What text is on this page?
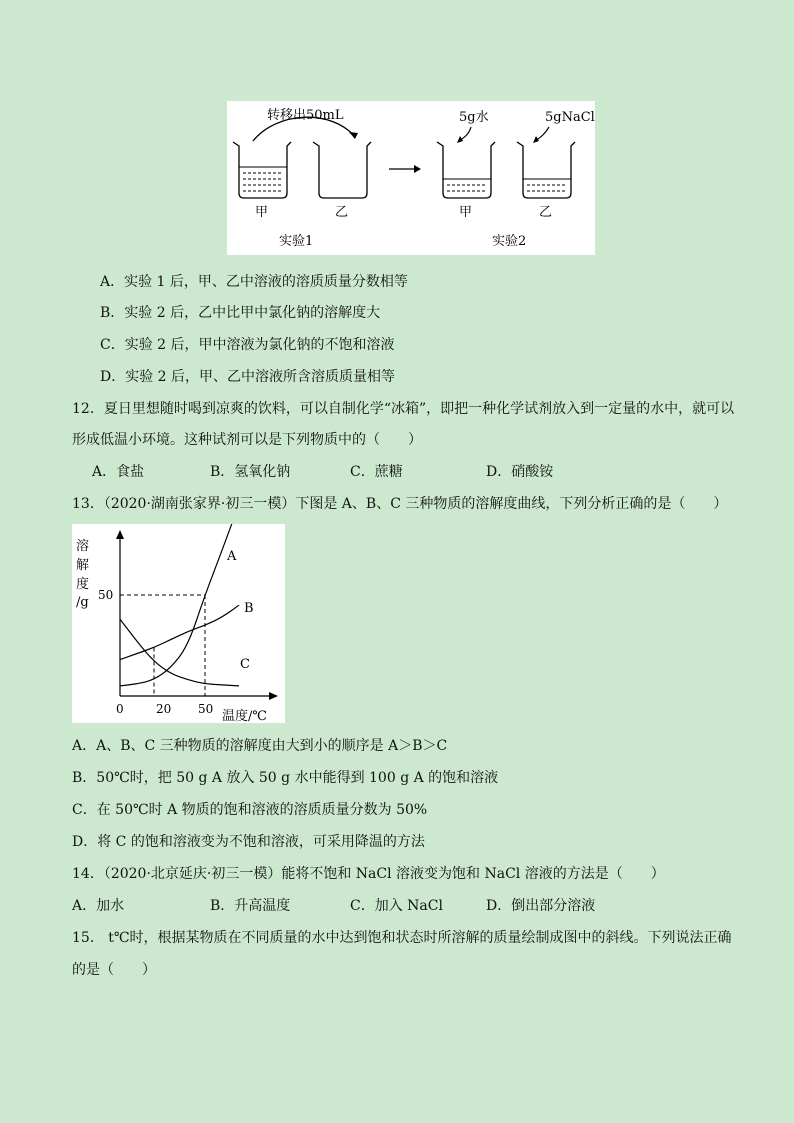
转移出50mL
甲	乙
5g水	5gNaCl
甲	乙
实验1	实验2
A．实验 1 后，甲、乙中溶液的溶质质量分数相等
B．实验 2 后，乙中比甲中氯化钠的溶解度大
C．实验 2 后，甲中溶液为氯化钠的不饱和溶液
D．实验 2 后，甲、乙中溶液所含溶质质量相等
12．夏日里想随时喝到凉爽的饮料，可以自制化学“冰箱”，即把一种化学试剂放入到一定量的水中，就可以
形成低温小环境。这种试剂可以是下列物质中的（　　）
A．食盐	B．氢氧化钠	C．蔗糖	D．硝酸铵
13．（2020·湖南张家界·初三一模）下图是 A、B、C 三种物质的溶解度曲线，下列分析正确的是（　　）
溶
解
度
/g
0	20 50
50
温度/℃
A
B
C
A．A、B、C 三种物质的溶解度由大到小的顺序是 A＞B＞C
B．50℃时，把 50 g A 放入 50 g 水中能得到 100 g A 的饱和溶液
C．在 50℃时 A 物质的饱和溶液的溶质质量分数为 50%
D．将 C 的饱和溶液变为不饱和溶液，可采用降温的方法
14．（2020·北京延庆·初三一模）能将不饱和 NaCl 溶液变为饱和 NaCl 溶液的方法是（　　）
A．加水	B．升高温度	C．加入 NaCl	D．倒出部分溶液
15． t℃时，根据某物质在不同质量的水中达到饱和状态时所溶解的质量绘制成图中的斜线。下列说法正确
的是（　　）
